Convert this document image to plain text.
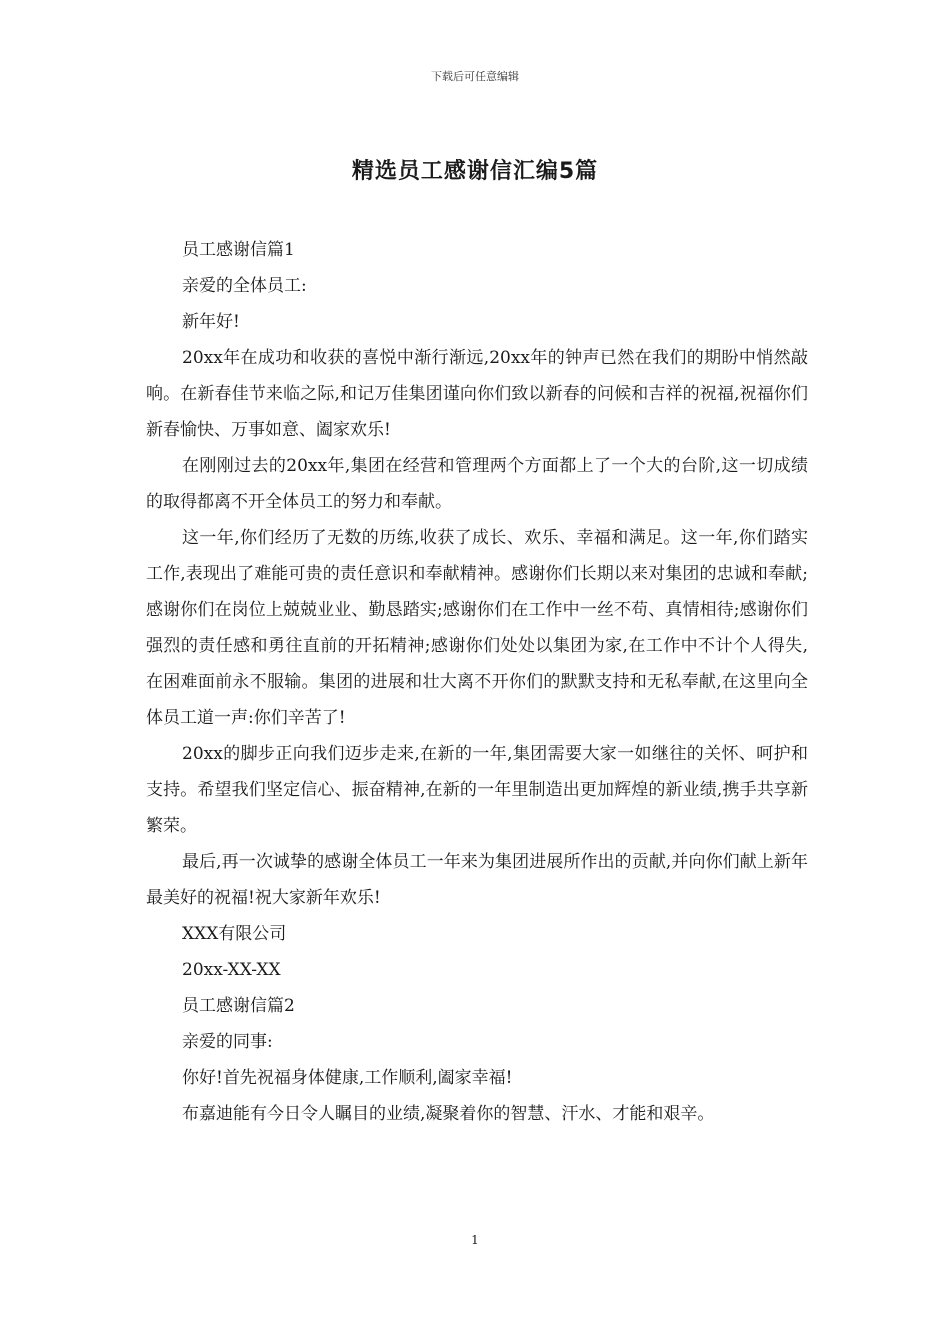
下载后可任意编辑
精选员工感谢信汇编5篇

员工感谢信篇1

亲爱的全体员工:

新年好!

20xx年在成功和收获的喜悦中渐行渐远,20xx年的钟声已然在我们的期盼中悄然敲响。在新春佳节来临之际,和记万佳集团谨向你们致以新春的问候和吉祥的祝福,祝福你们新春愉快、万事如意、阖家欢乐!

在刚刚过去的20xx年,集团在经营和管理两个方面都上了一个大的台阶,这一切成绩的取得都离不开全体员工的努力和奉献。

这一年,你们经历了无数的历练,收获了成长、欢乐、幸福和满足。这一年,你们踏实工作,表现出了难能可贵的责任意识和奉献精神。感谢你们长期以来对集团的忠诚和奉献;感谢你们在岗位上兢兢业业、勤恳踏实;感谢你们在工作中一丝不苟、真情相待;感谢你们强烈的责任感和勇往直前的开拓精神;感谢你们处处以集团为家,在工作中不计个人得失,在困难面前永不服输。集团的进展和壮大离不开你们的默默支持和无私奉献,在这里向全体员工道一声:你们辛苦了!

20xx的脚步正向我们迈步走来,在新的一年,集团需要大家一如继往的关怀、呵护和支持。希望我们坚定信心、振奋精神,在新的一年里制造出更加辉煌的新业绩,携手共享新繁荣。

最后,再一次诚挚的感谢全体员工一年来为集团进展所作出的贡献,并向你们献上新年最美好的祝福!祝大家新年欢乐!

XXX有限公司

20xx-XX-XX

员工感谢信篇2

亲爱的同事:

你好!首先祝福身体健康,工作顺利,阖家幸福!

布嘉迪能有今日令人瞩目的业绩,凝聚着你的智慧、汗水、才能和艰辛。

1
